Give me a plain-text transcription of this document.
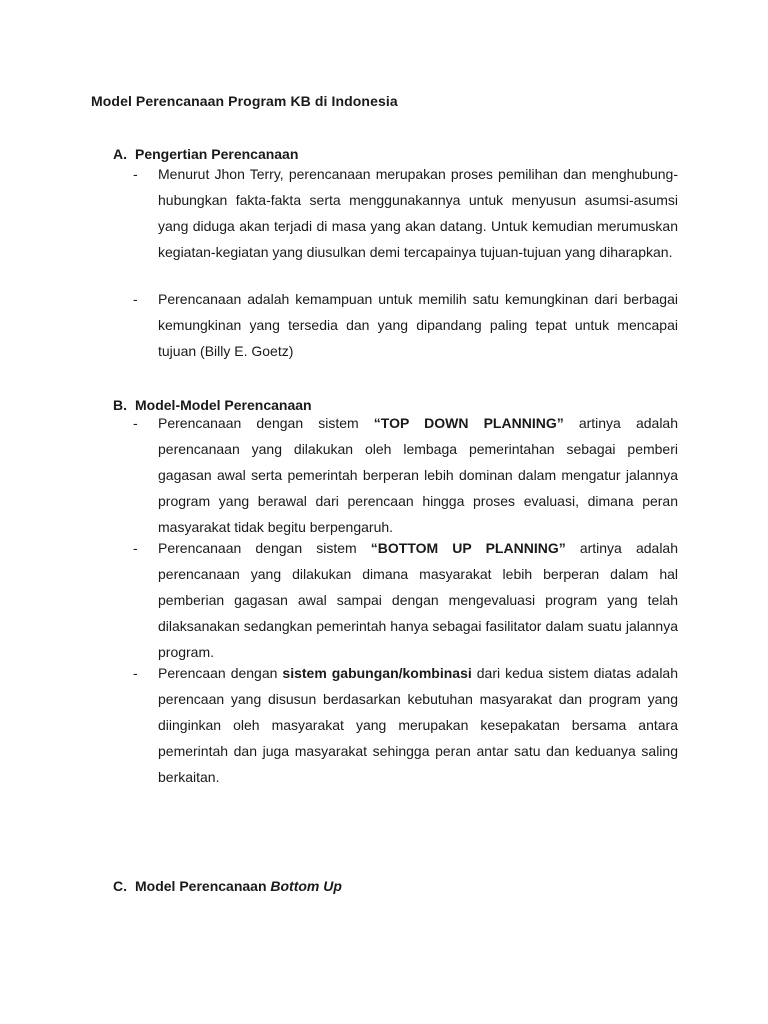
Model Perencanaan Program KB di Indonesia
A. Pengertian Perencanaan
- Menurut Jhon Terry, perencanaan merupakan proses pemilihan dan menghubung-hubungkan fakta-fakta serta menggunakannya untuk menyusun asumsi-asumsi yang diduga akan terjadi di masa yang akan datang. Untuk kemudian merumuskan kegiatan-kegiatan yang diusulkan demi tercapainya tujuan-tujuan yang diharapkan.
- Perencanaan adalah kemampuan untuk memilih satu kemungkinan dari berbagai kemungkinan yang tersedia dan yang dipandang paling tepat untuk mencapai tujuan (Billy E. Goetz)
B. Model-Model Perencanaan
- Perencanaan dengan sistem “TOP DOWN PLANNING” artinya adalah perencanaan yang dilakukan oleh lembaga pemerintahan sebagai pemberi gagasan awal serta pemerintah berperan lebih dominan dalam mengatur jalannya program yang berawal dari perencaan hingga proses evaluasi, dimana peran masyarakat tidak begitu berpengaruh.
- Perencanaan dengan sistem “BOTTOM UP PLANNING” artinya adalah perencanaan yang dilakukan dimana masyarakat lebih berperan dalam hal pemberian gagasan awal sampai dengan mengevaluasi program yang telah dilaksanakan sedangkan pemerintah hanya sebagai fasilitator dalam suatu jalannya program.
- Perencaan dengan sistem gabungan/kombinasi dari kedua sistem diatas adalah perencaan yang disusun berdasarkan kebutuhan masyarakat dan program yang diinginkan oleh masyarakat yang merupakan kesepakatan bersama antara pemerintah dan juga masyarakat sehingga peran antar satu dan keduanya saling berkaitan.
C. Model Perencanaan Bottom Up
